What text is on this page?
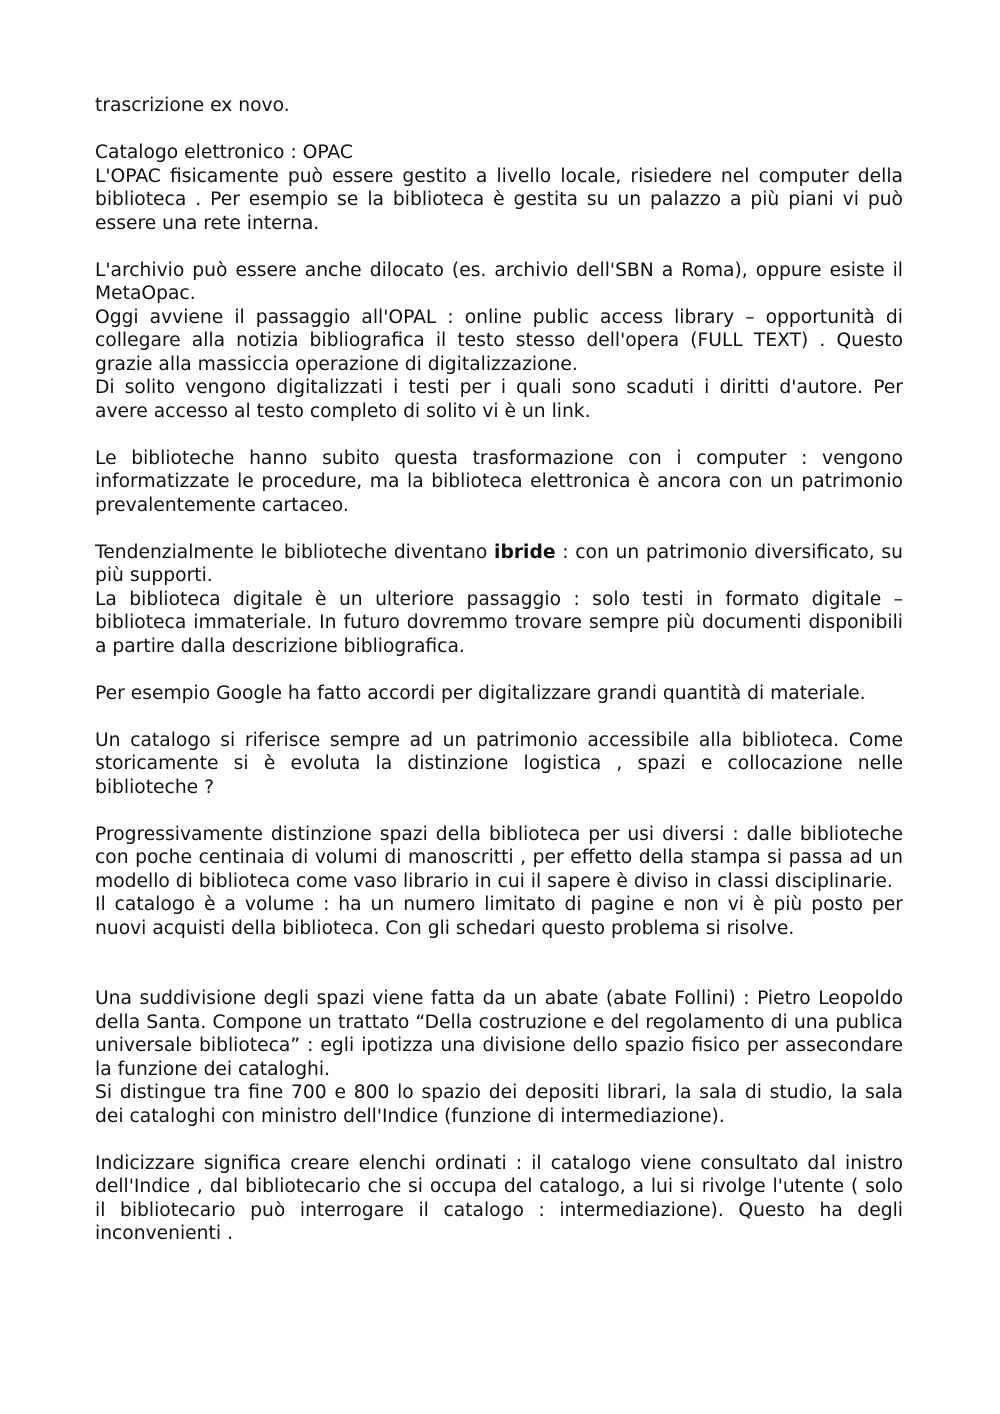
trascrizione ex novo.

Catalogo elettronico : OPAC

L'OPAC fisicamente può essere gestito a livello locale, risiedere nel computer della biblioteca . Per esempio se la biblioteca è gestita su un palazzo a più piani vi può essere una rete interna.

L'archivio può essere anche dilocato (es. archivio dell'SBN a Roma), oppure esiste il MetaOpac.

Oggi avviene il passaggio all'OPAL : online public access library – opportunità di collegare alla notizia bibliografica il testo stesso dell'opera (FULL TEXT) . Questo grazie alla massiccia operazione di digitalizzazione.

Di solito vengono digitalizzati i testi per i quali sono scaduti i diritti d'autore. Per avere accesso al testo completo di solito vi è un link.

Le biblioteche hanno subito questa trasformazione con i computer : vengono informatizzate le procedure, ma la biblioteca elettronica è ancora con un patrimonio prevalentemente cartaceo.

Tendenzialmente le biblioteche diventano ibride : con un patrimonio diversificato, su più supporti.

La biblioteca digitale è un ulteriore passaggio : solo testi in formato digitale – biblioteca immateriale. In futuro dovremmo trovare sempre più documenti disponibili a partire dalla descrizione bibliografica.

Per esempio Google ha fatto accordi per digitalizzare grandi quantità di materiale.

Un catalogo si riferisce sempre ad un patrimonio accessibile alla biblioteca. Come storicamente si è evoluta la distinzione logistica , spazi e collocazione nelle biblioteche ?

Progressivamente distinzione spazi della biblioteca per usi diversi : dalle biblioteche con poche centinaia di volumi di manoscritti , per effetto della stampa si passa ad un modello di biblioteca come vaso librario in cui il sapere è diviso in classi disciplinarie.

Il catalogo è a volume : ha un numero limitato di pagine e non vi è più posto per nuovi acquisti della biblioteca. Con gli schedari questo problema si risolve.

Una suddivisione degli spazi viene fatta da un abate (abate Follini) : Pietro Leopoldo della Santa. Compone un trattato “Della costruzione e del regolamento di una publica universale biblioteca” : egli ipotizza una divisione dello spazio fisico per assecondare la funzione dei cataloghi.

Si distingue tra fine 700 e 800 lo spazio dei depositi librari, la sala di studio, la sala dei cataloghi con ministro dell'Indice (funzione di intermediazione).

Indicizzare significa creare elenchi ordinati : il catalogo viene consultato dal inistro dell'Indice , dal bibliotecario che si occupa del catalogo, a lui si rivolge l'utente ( solo il bibliotecario può interrogare il catalogo : intermediazione). Questo ha degli inconvenienti .
